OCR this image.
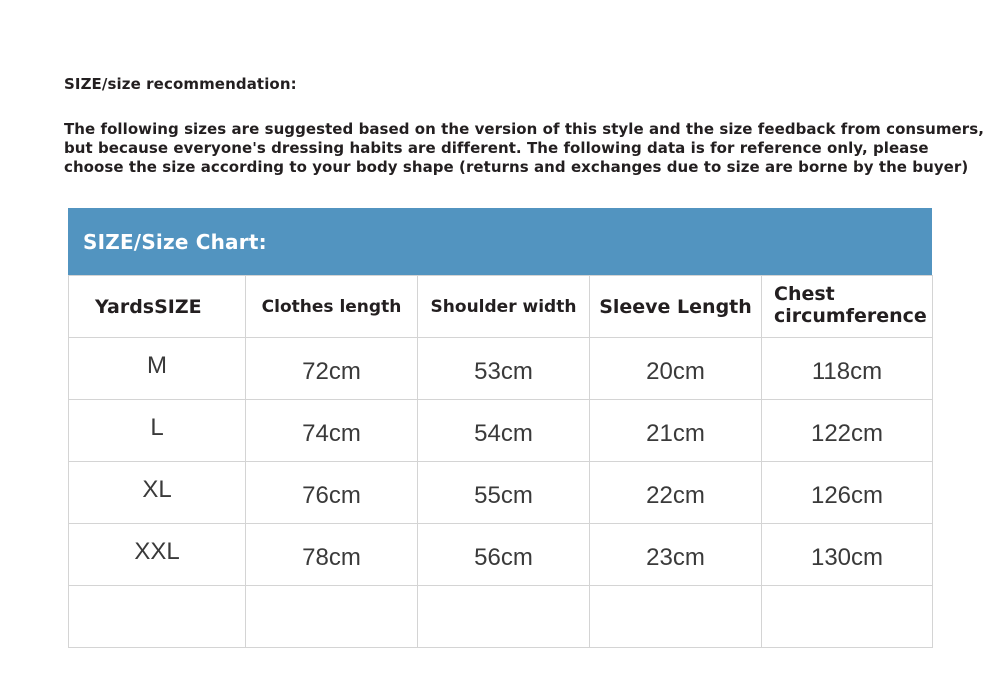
SIZE/size recommendation:
The following sizes are suggested based on the version of this style and the size feedback from consumers,
but because everyone's dressing habits are different. The following data is for reference only, please
choose the size according to your body shape (returns and exchanges due to size are borne by the buyer)
SIZE/Size Chart:
YardsSIZE	Clothes length	Shoulder width	Sleeve Length	Chest circumference
M	72cm	53cm	20cm	118cm
L	74cm	54cm	21cm	122cm
XL	76cm	55cm	22cm	126cm
XXL	78cm	56cm	23cm	130cm
